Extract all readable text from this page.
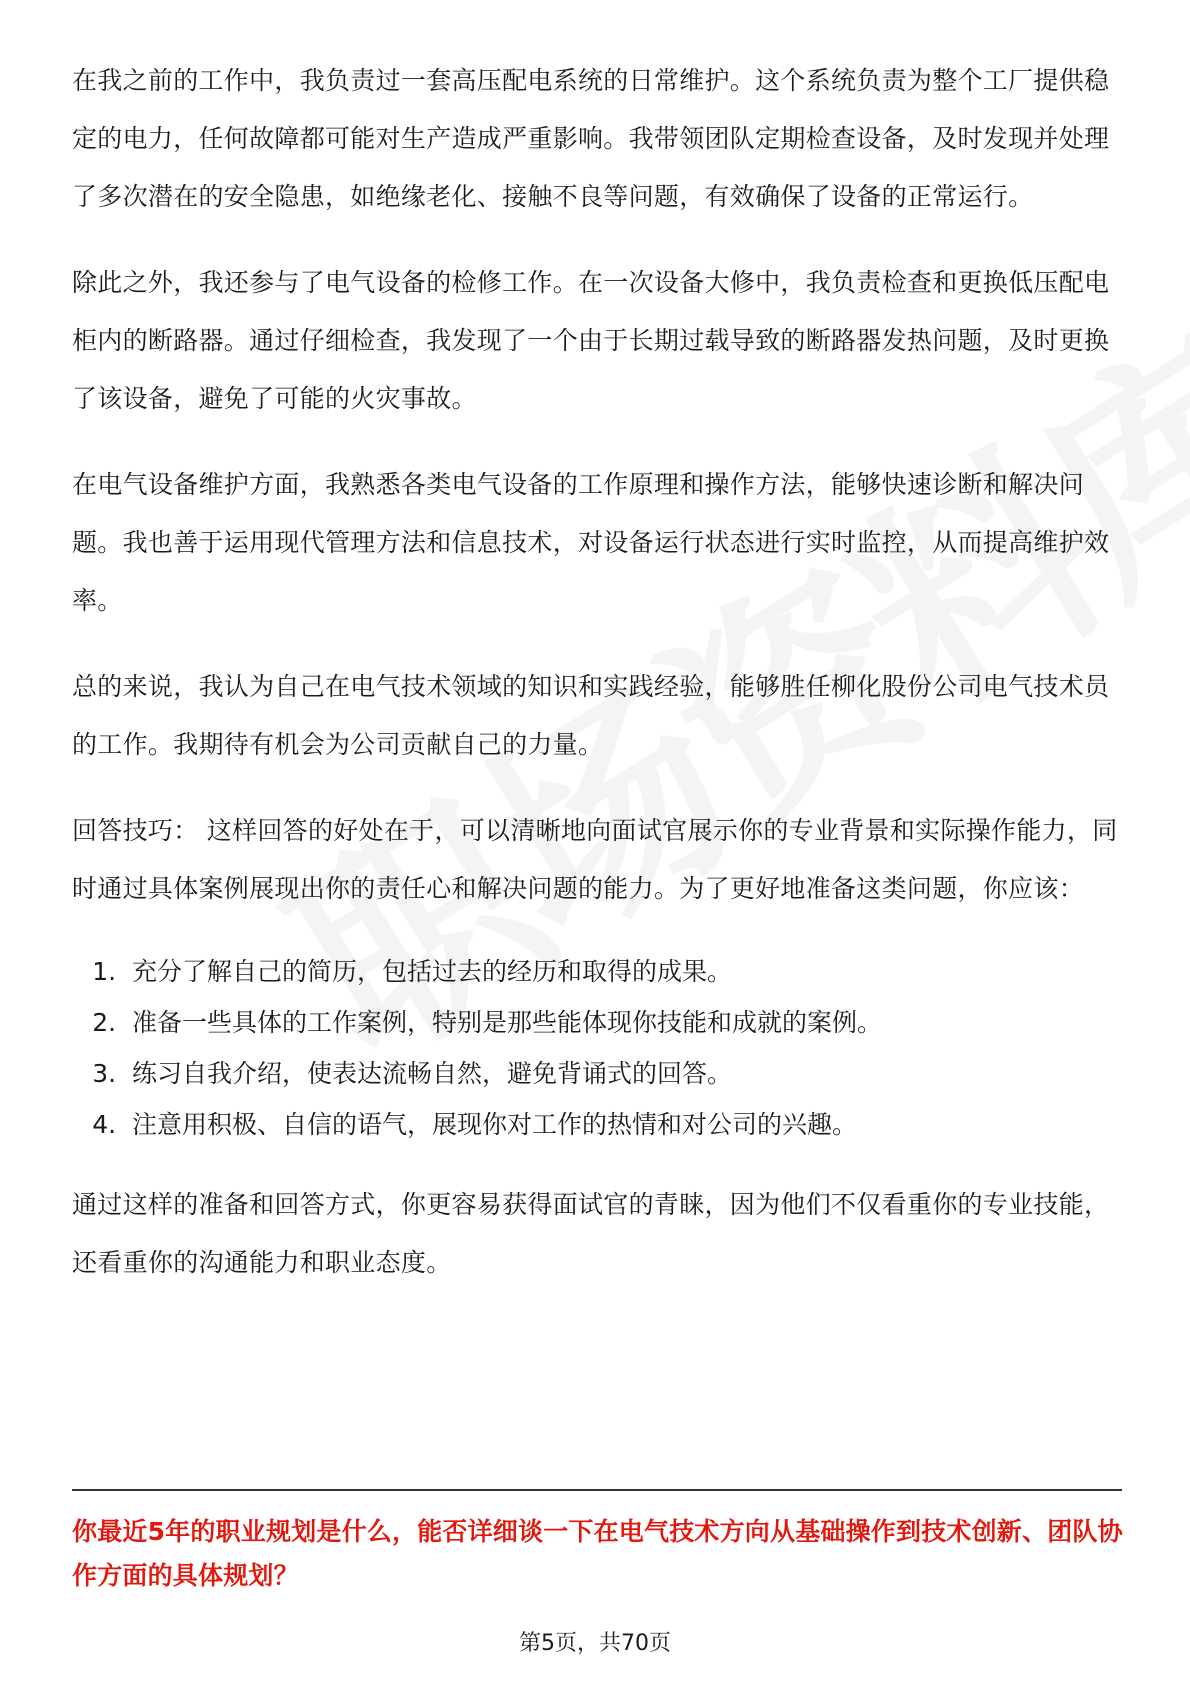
在我之前的工作中，我负责过一套高压配电系统的日常维护。这个系统负责为整个工厂提供稳定的电力，任何故障都可能对生产造成严重影响。我带领团队定期检查设备，及时发现并处理了多次潜在的安全隐患，如绝缘老化、接触不良等问题，有效确保了设备的正常运行。

除此之外，我还参与了电气设备的检修工作。在一次设备大修中，我负责检查和更换低压配电柜内的断路器。通过仔细检查，我发现了一个由于长期过载导致的断路器发热问题，及时更换了该设备，避免了可能的火灾事故。

在电气设备维护方面，我熟悉各类电气设备的工作原理和操作方法，能够快速诊断和解决问题。我也善于运用现代管理方法和信息技术，对设备运行状态进行实时监控，从而提高维护效率。

总的来说，我认为自己在电气技术领域的知识和实践经验，能够胜任柳化股份公司电气技术员的工作。我期待有机会为公司贡献自己的力量。

回答技巧： 这样回答的好处在于，可以清晰地向面试官展示你的专业背景和实际操作能力，同时通过具体案例展现出你的责任心和解决问题的能力。为了更好地准备这类问题，你应该：

1. 充分了解自己的简历，包括过去的经历和取得的成果。
2. 准备一些具体的工作案例，特别是那些能体现你技能和成就的案例。
3. 练习自我介绍，使表达流畅自然，避免背诵式的回答。
4. 注意用积极、自信的语气，展现你对工作的热情和对公司的兴趣。

通过这样的准备和回答方式，你更容易获得面试官的青睐，因为他们不仅看重你的专业技能，还看重你的沟通能力和职业态度。

你最近5年的职业规划是什么，能否详细谈一下在电气技术方向从基础操作到技术创新、团队协作方面的具体规划？
第5页，共70页
